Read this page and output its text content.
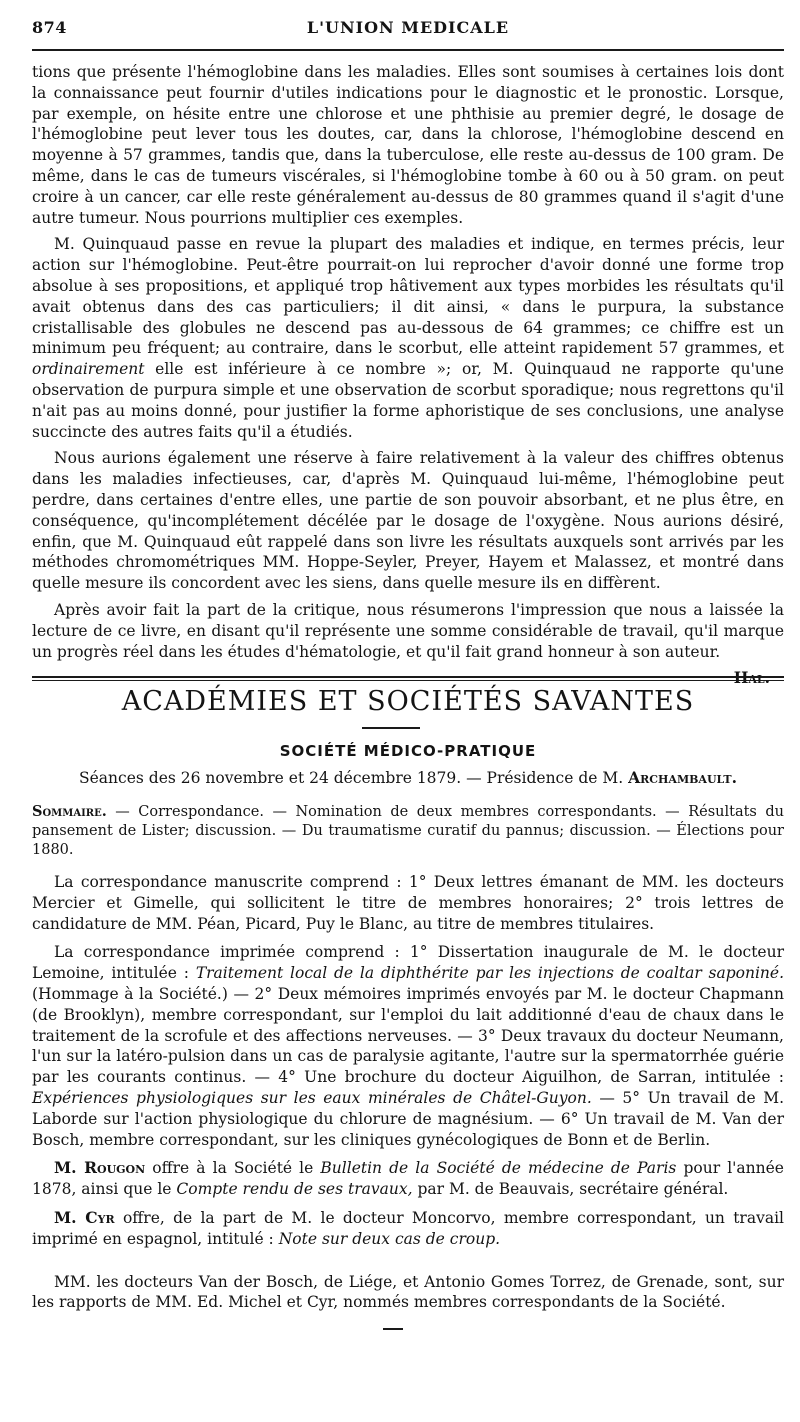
874	L'UNION MEDICALE

tions que présente l'hémoglobine dans les maladies. Elles sont soumises à certaines lois dont la connaissance peut fournir d'utiles indications pour le diagnostic et le pronostic. Lorsque, par exemple, on hésite entre une chlorose et une phthisie au premier degré, le dosage de l'hémoglobine peut lever tous les doutes, car, dans la chlorose, l'hémoglobine descend en moyenne à 57 grammes, tandis que, dans la tuberculose, elle reste au-dessus de 100 gram. De même, dans le cas de tumeurs viscérales, si l'hémoglobine tombe à 60 ou à 50 gram. on peut croire à un cancer, car elle reste généralement au-dessus de 80 grammes quand il s'agit d'une autre tumeur. Nous pourrions multiplier ces exemples.

M. Quinquaud passe en revue la plupart des maladies et indique, en termes précis, leur action sur l'hémoglobine. Peut-être pourrait-on lui reprocher d'avoir donné une forme trop absolue à ses propositions, et appliqué trop hâtivement aux types morbides les résultats qu'il avait obtenus dans des cas particuliers; il dit ainsi, « dans le purpura, la substance cristallisable des globules ne descend pas au-dessous de 64 grammes; ce chiffre est un minimum peu fréquent; au contraire, dans le scorbut, elle atteint rapidement 57 grammes, et ordinairement elle est inférieure à ce nombre »; or, M. Quinquaud ne rapporte qu'une observation de purpura simple et une observation de scorbut sporadique; nous regrettons qu'il n'ait pas au moins donné, pour justifier la forme aphoristique de ses conclusions, une analyse succincte des autres faits qu'il a étudiés.

Nous aurions également une réserve à faire relativement à la valeur des chiffres obtenus dans les maladies infectieuses, car, d'après M. Quinquaud lui-même, l'hémoglobine peut perdre, dans certaines d'entre elles, une partie de son pouvoir absorbant, et ne plus être, en conséquence, qu'incomplétement décélée par le dosage de l'oxygène. Nous aurions désiré, enfin, que M. Quinquaud eût rappelé dans son livre les résultats auxquels sont arrivés par les méthodes chromométriques MM. Hoppe-Seyler, Preyer, Hayem et Malassez, et montré dans quelle mesure ils concordent avec les siens, dans quelle mesure ils en diffèrent.

Après avoir fait la part de la critique, nous résumerons l'impression que nous a laissée la lecture de ce livre, en disant qu'il représente une somme considérable de travail, qu'il marque un progrès réel dans les études d'hématologie, et qu'il fait grand honneur à son auteur.

Hal.
ACADÉMIES ET SOCIÉTÉS SAVANTES
SOCIÉTÉ MÉDICO-PRATIQUE
Séances des 26 novembre et 24 décembre 1879. — Présidence de M. Archambault.
Sommaire. — Correspondance. — Nomination de deux membres correspondants. — Résultats du pansement de Lister; discussion. — Du traumatisme curatif du pannus; discussion. — Élections pour 1880.

La correspondance manuscrite comprend : 1° Deux lettres émanant de MM. les docteurs Mercier et Gimelle, qui sollicitent le titre de membres honoraires; 2° trois lettres de candidature de MM. Péan, Picard, Puy le Blanc, au titre de membres titulaires.

La correspondance imprimée comprend : 1° Dissertation inaugurale de M. le docteur Lemoine, intitulée : Traitement local de la diphthérite par les injections de coaltar saponiné. (Hommage à la Société.) — 2° Deux mémoires imprimés envoyés par M. le docteur Chapmann (de Brooklyn), membre correspondant, sur l'emploi du lait additionné d'eau de chaux dans le traitement de la scrofule et des affections nerveuses. — 3° Deux travaux du docteur Neumann, l'un sur la latéro-pulsion dans un cas de paralysie agitante, l'autre sur la spermatorrhée guérie par les courants continus. — 4° Une brochure du docteur Aiguilhon, de Sarran, intitulée : Expériences physiologiques sur les eaux minérales de Châtel-Guyon. — 5° Un travail de M. Laborde sur l'action physiologique du chlorure de magnésium. — 6° Un travail de M. Van der Bosch, membre correspondant, sur les cliniques gynécologiques de Bonn et de Berlin.

M. Rougon offre à la Société le Bulletin de la Société de médecine de Paris pour l'année 1878, ainsi que le Compte rendu de ses travaux, par M. de Beauvais, secrétaire général.

M. Cyr offre, de la part de M. le docteur Moncorvo, membre correspondant, un travail imprimé en espagnol, intitulé : Note sur deux cas de croup.

MM. les docteurs Van der Bosch, de Liége, et Antonio Gomes Torrez, de Grenade, sont, sur les rapports de MM. Ed. Michel et Cyr, nommés membres correspondants de la Société.
